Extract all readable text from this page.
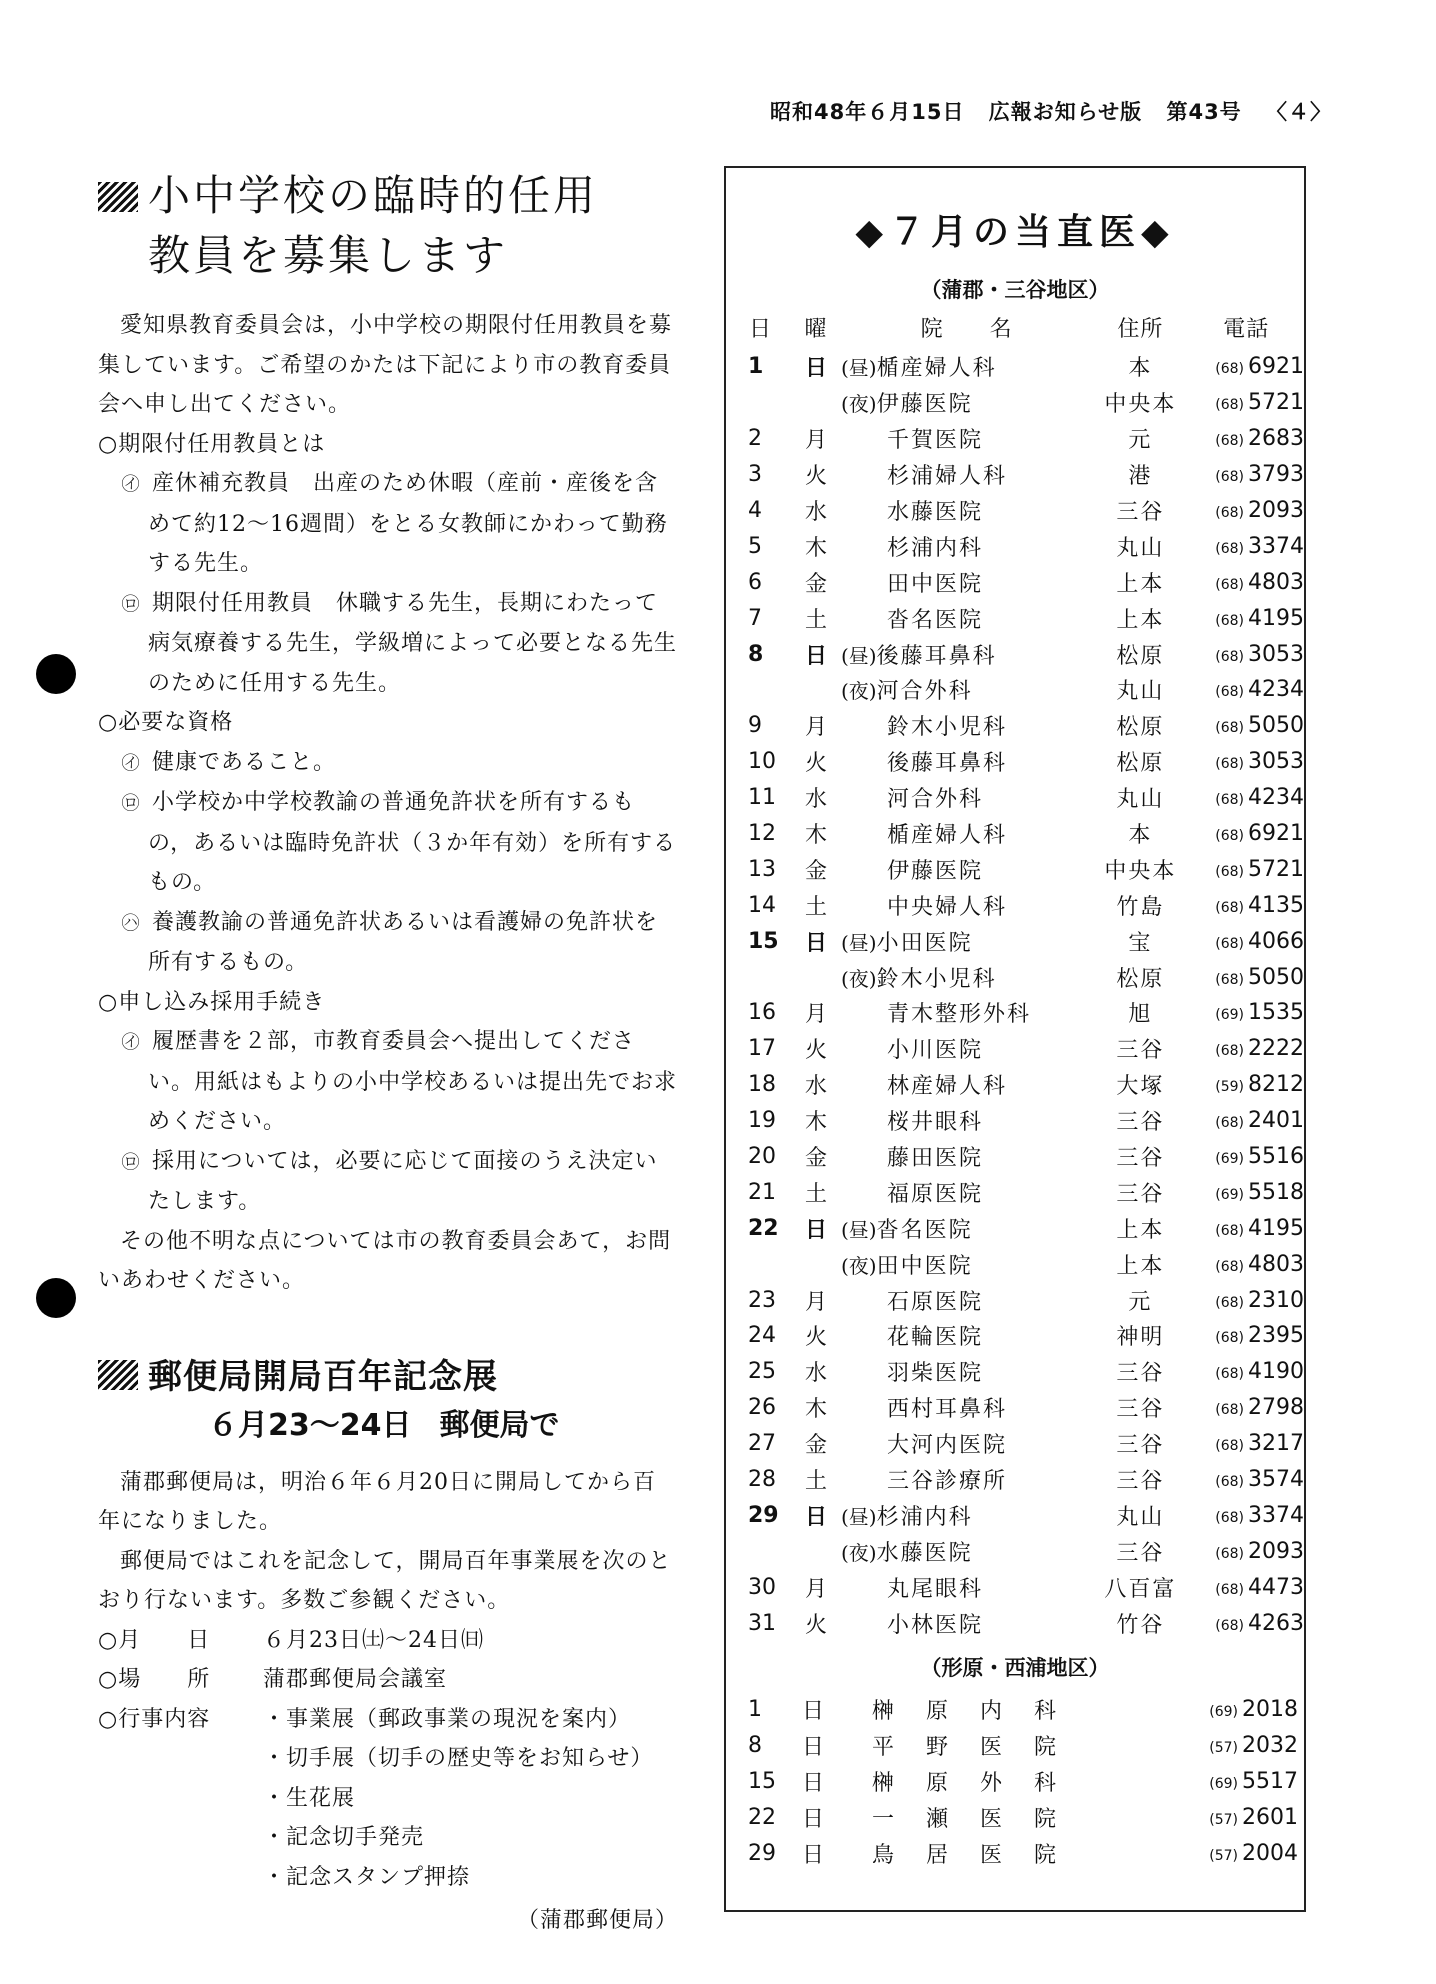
昭和48年６月15日 広報お知らせ版 第43号 〈４〉
小中学校の臨時的任用
教員を募集します

愛知県教育委員会は，小中学校の期限付任用教員を募集しています。ご希望のかたは下記により市の教育委員会へ申し出てください。

○期限付任用教員とは

㋑ 産休補充教員　出産のため休暇（産前・産後を含めて約12～16週間）をとる女教師にかわって勤務する先生。

㋺ 期限付任用教員　休職する先生，長期にわたって病気療養する先生，学級増によって必要となる先生のために任用する先生。

○必要な資格

㋑ 健康であること。

㋺ 小学校か中学校教諭の普通免許状を所有するもの，あるいは臨時免許状（３か年有効）を所有するもの。

㋩ 養護教諭の普通免許状あるいは看護婦の免許状を所有するもの。

○申し込み採用手続き

㋑ 履歴書を２部，市教育委員会へ提出してください。用紙はもよりの小中学校あるいは提出先でお求めください。

㋺ 採用については，必要に応じて面接のうえ決定いたします。

その他不明な点については市の教育委員会あて，お問いあわせください。

郵便局開局百年記念展
６月23～24日 郵便局で

蒲郡郵便局は，明治６年６月20日に開局してから百年になりました。

郵便局ではこれを記念して，開局百年事業展を次のとおり行ないます。多数ご参観ください。

○月　　日	６月23日㈯～24日㈰
○場　　所	蒲郡郵便局会議室
○行事内容	・事業展（郵政事業の現況を案内）
・切手展（切手の歴史等をお知らせ）
・生花展
・記念切手発売
・記念スタンプ押捺
（蒲郡郵便局）
◆７月の当直医◆
（蒲郡・三谷地区）
日	曜	院　　名	住所	電話
1	日	(昼)楯産婦人科	本	(68) 6921
		(夜)伊藤医院	中央本	(68) 5721
2	月	千賀医院	元	(68) 2683
3	火	杉浦婦人科	港	(68) 3793
4	水	水藤医院	三谷	(68) 2093
5	木	杉浦内科	丸山	(68) 3374
6	金	田中医院	上本	(68) 4803
7	土	沓名医院	上本	(68) 4195
8	日	(昼)後藤耳鼻科	松原	(68) 3053
		(夜)河合外科	丸山	(68) 4234
9	月	鈴木小児科	松原	(68) 5050
10	火	後藤耳鼻科	松原	(68) 3053
11	水	河合外科	丸山	(68) 4234
12	木	楯産婦人科	本	(68) 6921
13	金	伊藤医院	中央本	(68) 5721
14	土	中央婦人科	竹島	(68) 4135
15	日	(昼)小田医院	宝	(68) 4066
		(夜)鈴木小児科	松原	(68) 5050
16	月	青木整形外科	旭	(69) 1535
17	火	小川医院	三谷	(68) 2222
18	水	林産婦人科	大塚	(59) 8212
19	木	桜井眼科	三谷	(68) 2401
20	金	藤田医院	三谷	(69) 5516
21	土	福原医院	三谷	(69) 5518
22	日	(昼)沓名医院	上本	(68) 4195
		(夜)田中医院	上本	(68) 4803
23	月	石原医院	元	(68) 2310
24	火	花輪医院	神明	(68) 2395
25	水	羽柴医院	三谷	(68) 4190
26	木	西村耳鼻科	三谷	(68) 2798
27	金	大河内医院	三谷	(68) 3217
28	土	三谷診療所	三谷	(68) 3574
29	日	(昼)杉浦内科	丸山	(68) 3374
		(夜)水藤医院	三谷	(68) 2093
30	月	丸尾眼科	八百富	(68) 4473
31	火	小林医院	竹谷	(68) 4263
（形原・西浦地区）
1	日	榊原内科	(69) 2018
8	日	平野医院	(57) 2032
15	日	榊原外科	(69) 5517
22	日	一瀬医院	(57) 2601
29	日	鳥居医院	(57) 2004
